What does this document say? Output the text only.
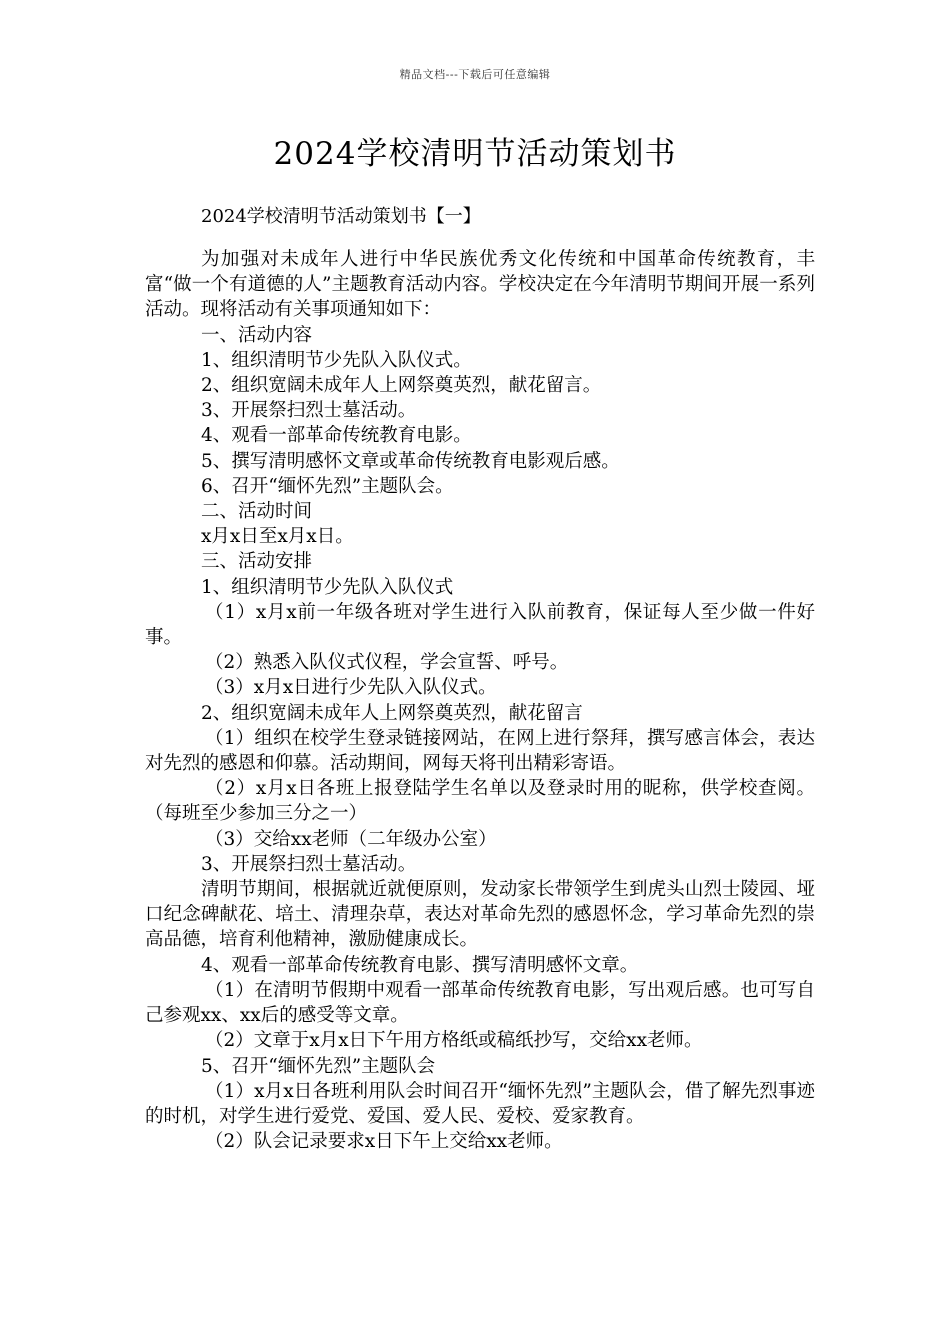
精品文档---下载后可任意编辑
2024学校清明节活动策划书
2024学校清明节活动策划书【一】

为加强对未成年人进行中华民族优秀文化传统和中国革命传统教育，丰富“做一个有道德的人”主题教育活动内容。学校决定在今年清明节期间开展一系列活动。现将活动有关事项通知如下：

一、活动内容

1、组织清明节少先队入队仪式。

2、组织宽阔未成年人上网祭奠英烈，献花留言。

3、开展祭扫烈士墓活动。

4、观看一部革命传统教育电影。

5、撰写清明感怀文章或革命传统教育电影观后感。

6、召开“缅怀先烈”主题队会。

二、活动时间

x月x日至x月x日。

三、活动安排

1、组织清明节少先队入队仪式

（1）x月x前一年级各班对学生进行入队前教育，保证每人至少做一件好事。

（2）熟悉入队仪式仪程，学会宣誓、呼号。

（3）x月x日进行少先队入队仪式。

2、组织宽阔未成年人上网祭奠英烈，献花留言

（1）组织在校学生登录链接网站，在网上进行祭拜，撰写感言体会，表达对先烈的感恩和仰慕。活动期间，网每天将刊出精彩寄语。

（2）x月x日各班上报登陆学生名单以及登录时用的昵称，供学校查阅。（每班至少参加三分之一）

（3）交给xx老师（二年级办公室）

3、开展祭扫烈士墓活动。

清明节期间，根据就近就便原则，发动家长带领学生到虎头山烈士陵园、垭口纪念碑献花、培土、清理杂草，表达对革命先烈的感恩怀念，学习革命先烈的崇高品德，培育利他精神，激励健康成长。

4、观看一部革命传统教育电影、撰写清明感怀文章。

（1）在清明节假期中观看一部革命传统教育电影，写出观后感。也可写自己参观xx、xx后的感受等文章。

（2）文章于x月x日下午用方格纸或稿纸抄写，交给xx老师。

5、召开“缅怀先烈”主题队会

（1）x月x日各班利用队会时间召开“缅怀先烈”主题队会，借了解先烈事迹的时机，对学生进行爱党、爱国、爱人民、爱校、爱家教育。

（2）队会记录要求x日下午上交给xx老师。
